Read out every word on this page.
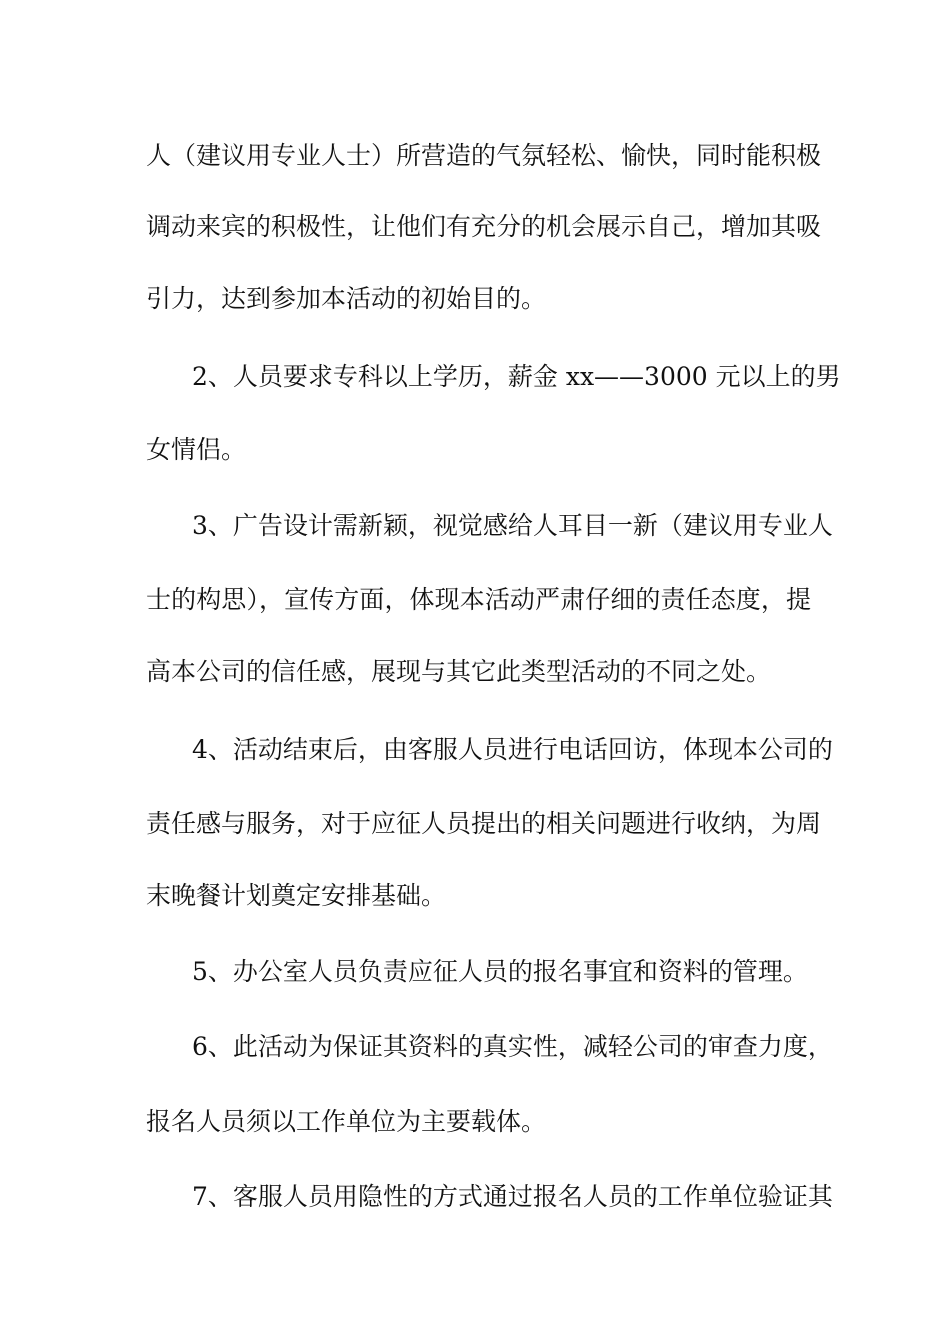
人（建议用专业人士）所营造的气氛轻松、愉快，同时能积极
调动来宾的积极性，让他们有充分的机会展示自己，增加其吸
引力，达到参加本活动的初始目的。
2、人员要求专科以上学历，薪金 xx——3000 元以上的男
女情侣。
3、广告设计需新颖，视觉感给人耳目一新（建议用专业人
士的构思），宣传方面，体现本活动严肃仔细的责任态度，提
高本公司的信任感，展现与其它此类型活动的不同之处。
4、活动结束后，由客服人员进行电话回访，体现本公司的
责任感与服务，对于应征人员提出的相关问题进行收纳，为周
末晚餐计划奠定安排基础。
5、办公室人员负责应征人员的报名事宜和资料的管理。
6、此活动为保证其资料的真实性，减轻公司的审查力度，
报名人员须以工作单位为主要载体。
7、客服人员用隐性的方式通过报名人员的工作单位验证其
